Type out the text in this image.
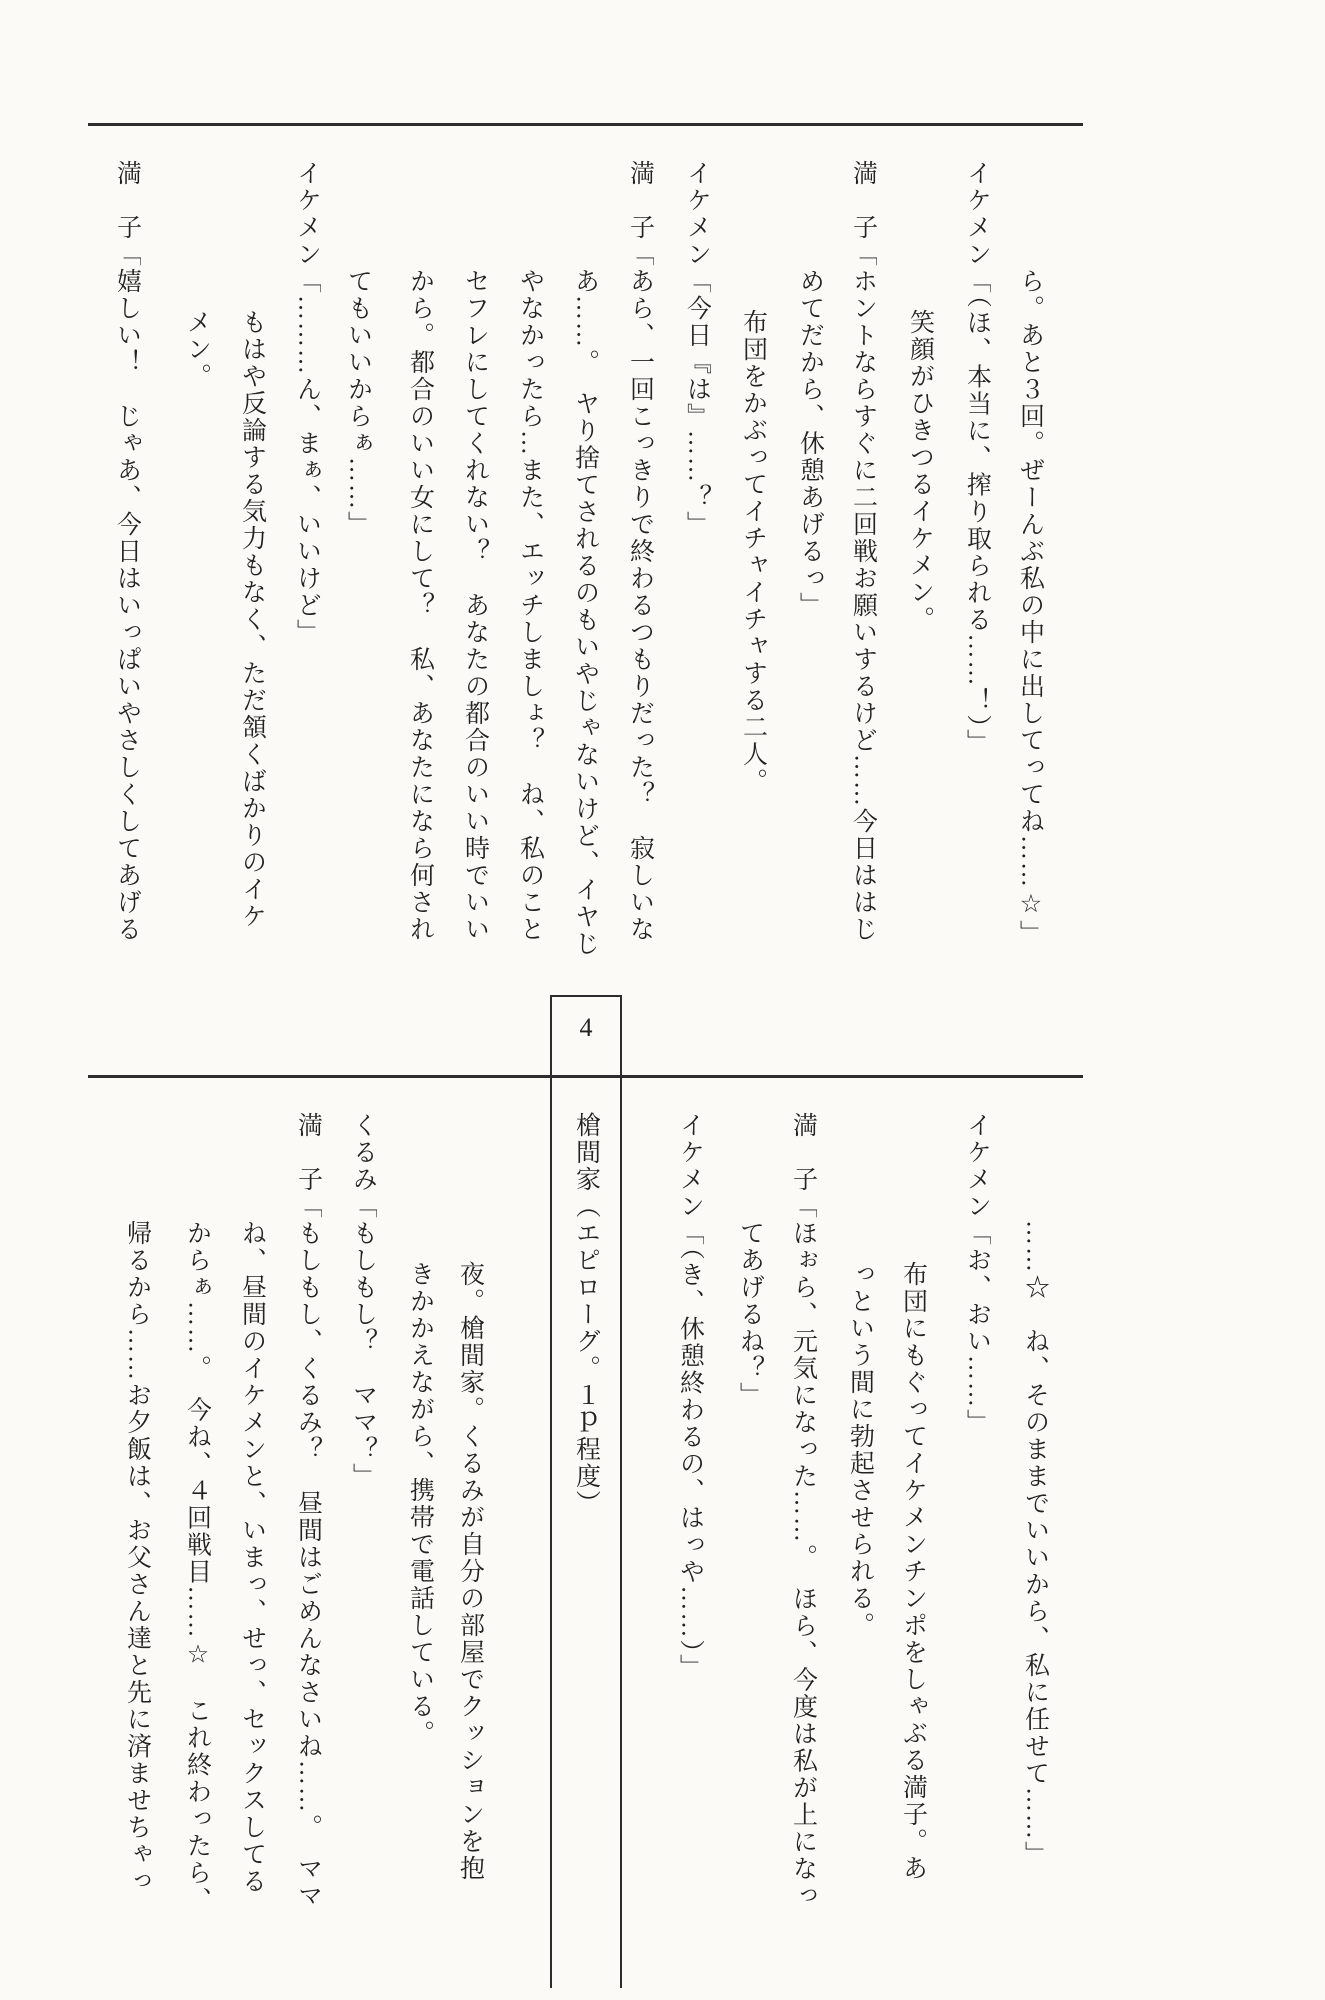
4
ら。あと３回。ぜーんぶ私の中に出してってね……☆」
イケメン「（ほ、本当に、搾り取られる……！）」
笑顔がひきつるイケメン。
満　子「ホントならすぐに二回戦お願いするけど……今日ははじ
めてだから、休憩あげるっ」
布団をかぶってイチャイチャする二人。
イケメン「今日『は』……？」
満　子「あら、一回こっきりで終わるつもりだった？　寂しいな
あ……。　ヤり捨てされるのもいやじゃないけど、イヤじ
やなかったら…また、エッチしましょ？　ね、私のこと
セフレにしてくれない？　あなたの都合のいい時でいい
から。都合のいい女にして？　私、あなたになら何され
てもいいからぁ……」
イケメン「………ん、まぁ、いいけど」
もはや反論する気力もなく、ただ頷くばかりのイケ
メン。
満　子「嬉しい！　じゃあ、今日はいっぱいやさしくしてあげる
……☆　ね、そのままでいいから、私に任せて……」
イケメン「お、おい……」
布団にもぐってイケメンチンポをしゃぶる満子。あ
っという間に勃起させられる。
満　子「ほぉら、元気になった……。　ほら、今度は私が上になっ
てあげるね？」
イケメン「（き、休憩終わるの、はっや……）」
槍間家（エピローグ。１ｐ程度）
夜。槍間家。くるみが自分の部屋でクッションを抱
きかかえながら、携帯で電話している。
くるみ「もしもし？　ママ？」
満　子「もしもし、くるみ？　昼間はごめんなさいね……。　ママ
ね、昼間のイケメンと、いまっ、せっ、セックスしてる
からぁ……。　今ね、４回戦目……☆　これ終わったら、
帰るから……お夕飯は、お父さん達と先に済ませちゃっ
